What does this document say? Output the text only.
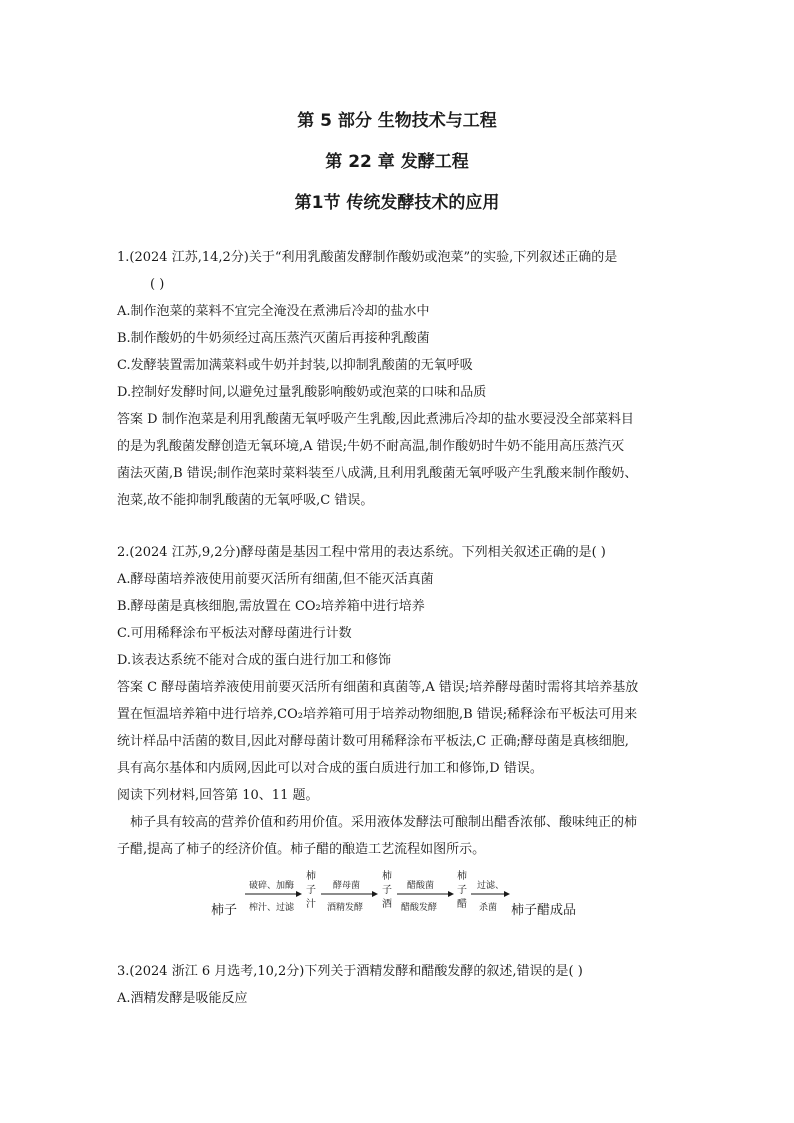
第 5 部分 生物技术与工程
第 22 章 发酵工程
第1节 传统发酵技术的应用
1.(2024 江苏,14,2分)关于“利用乳酸菌发酵制作酸奶或泡菜”的实验,下列叙述正确的是
( )
A.制作泡菜的菜料不宜完全淹没在煮沸后冷却的盐水中
B.制作酸奶的牛奶须经过高压蒸汽灭菌后再接种乳酸菌
C.发酵装置需加满菜料或牛奶并封装,以抑制乳酸菌的无氧呼吸
D.控制好发酵时间,以避免过量乳酸影响酸奶或泡菜的口味和品质
答案 D 制作泡菜是利用乳酸菌无氧呼吸产生乳酸,因此煮沸后冷却的盐水要浸没全部菜料目
的是为乳酸菌发酵创造无氧环境,A 错误;牛奶不耐高温,制作酸奶时牛奶不能用高压蒸汽灭
菌法灭菌,B 错误;制作泡菜时菜料装至八成满,且利用乳酸菌无氧呼吸产生乳酸来制作酸奶、
泡菜,故不能抑制乳酸菌的无氧呼吸,C 错误。
2.(2024 江苏,9,2分)酵母菌是基因工程中常用的表达系统。下列相关叙述正确的是( )
A.酵母菌培养液使用前要灭活所有细菌,但不能灭活真菌
B.酵母菌是真核细胞,需放置在 CO₂培养箱中进行培养
C.可用稀释涂布平板法对酵母菌进行计数
D.该表达系统不能对合成的蛋白进行加工和修饰
答案 C 酵母菌培养液使用前要灭活所有细菌和真菌等,A 错误;培养酵母菌时需将其培养基放
置在恒温培养箱中进行培养,CO₂培养箱可用于培养动物细胞,B 错误;稀释涂布平板法可用来
统计样品中活菌的数目,因此对酵母菌计数可用稀释涂布平板法,C 正确;酵母菌是真核细胞,
具有高尔基体和内质网,因此可以对合成的蛋白质进行加工和修饰,D 错误。
阅读下列材料,回答第 10、11 题。
柿子具有较高的营养价值和药用价值。采用液体发酵法可酿制出醋香浓郁、酸味纯正的柿
子醋,提高了柿子的经济价值。柿子醋的酿造工艺流程如图所示。
柿子
破碎、加酶
榨汁、过滤
柿
子
汁
酵母菌
酒精发酵
柿
子
酒
醋酸菌
醋酸发酵
柿
子
醋
过滤、
杀菌 柿子醋成品
3.(2024 浙江 6 月选考,10,2分)下列关于酒精发酵和醋酸发酵的叙述,错误的是( )
A.酒精发酵是吸能反应
